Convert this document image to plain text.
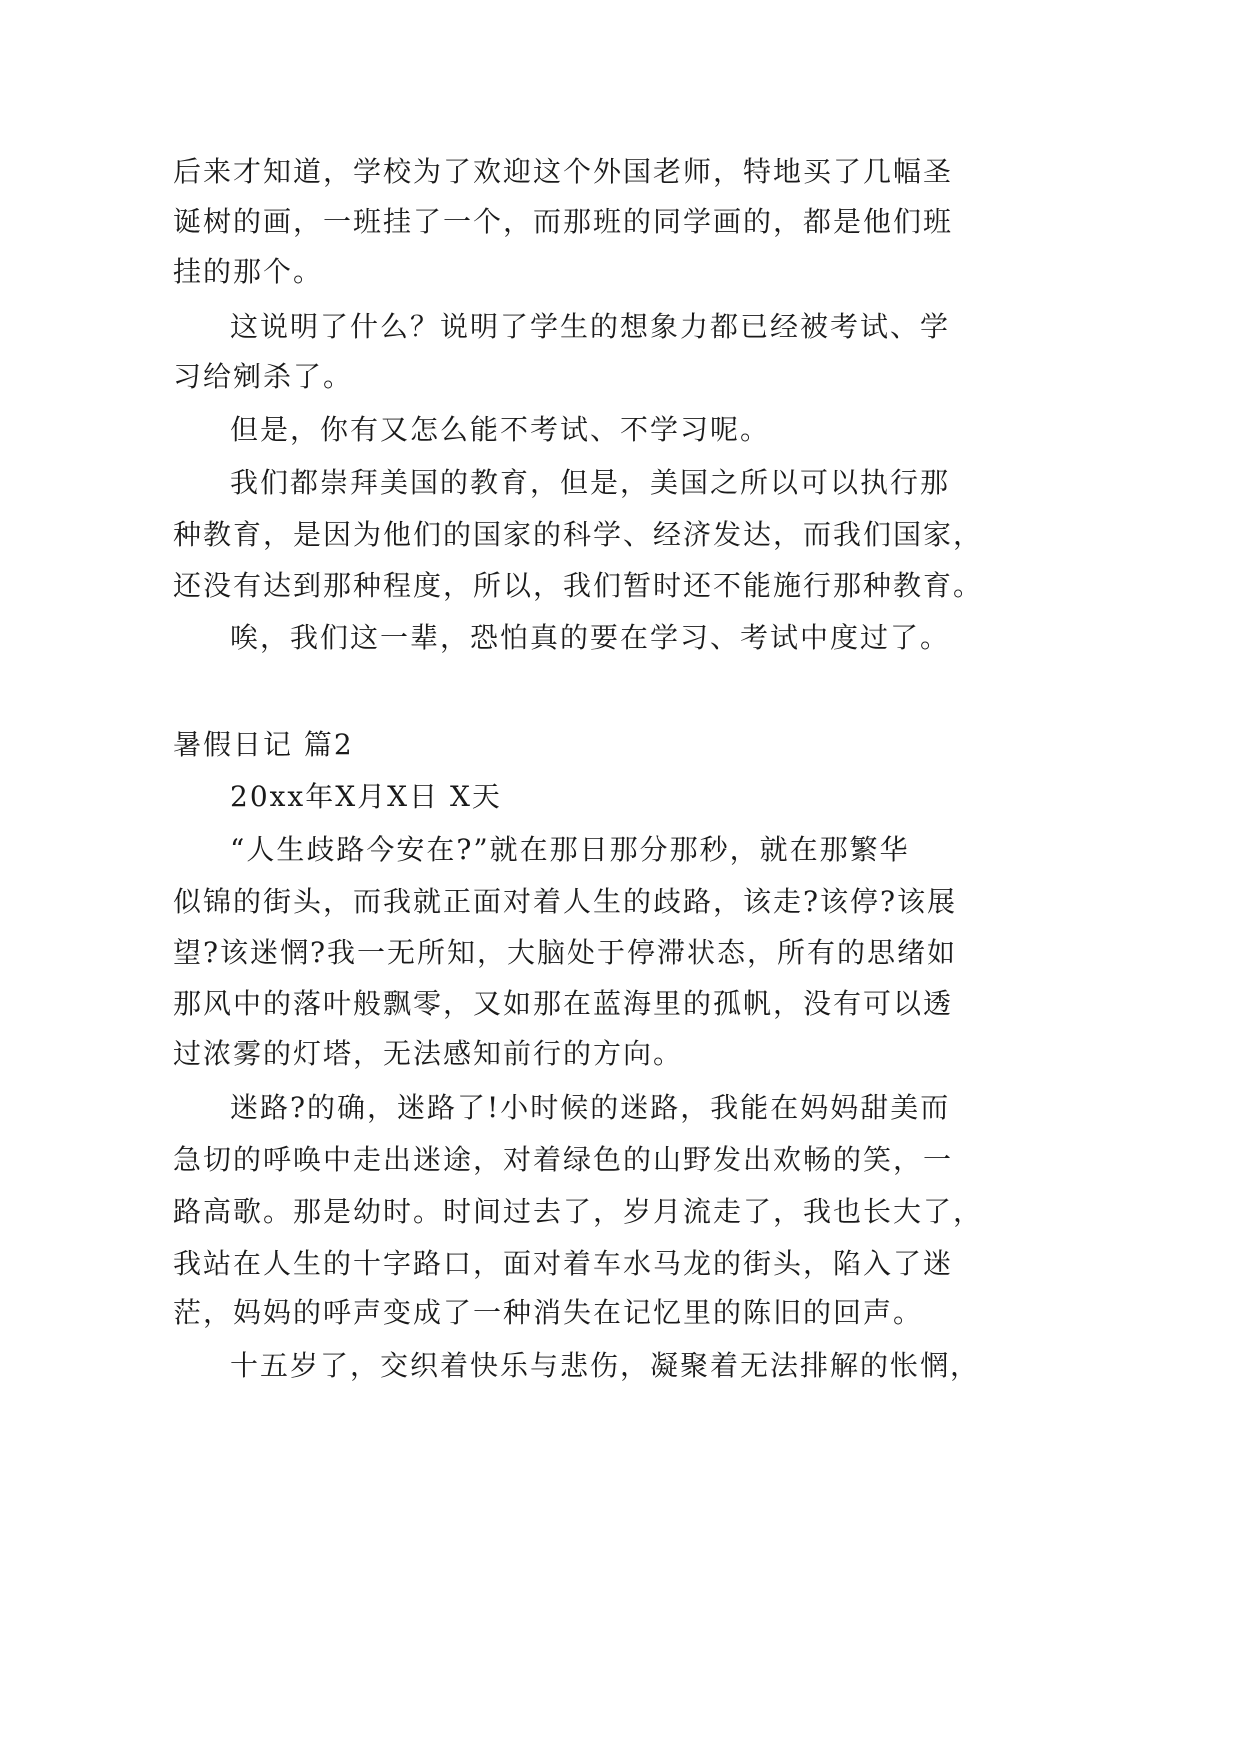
后来才知道，学校为了欢迎这个外国老师，特地买了几幅圣
诞树的画，一班挂了一个，而那班的同学画的，都是他们班
挂的那个。
这说明了什么？说明了学生的想象力都已经被考试、学
习给剜杀了。
但是，你有又怎么能不考试、不学习呢。
我们都崇拜美国的教育，但是，美国之所以可以执行那
种教育，是因为他们的国家的科学、经济发达，而我们国家，
还没有达到那种程度，所以，我们暂时还不能施行那种教育。
唉，我们这一辈，恐怕真的要在学习、考试中度过了。
暑假日记 篇2
20xx年X月X日 X天
“人生歧路今安在?”就在那日那分那秒，就在那繁华
似锦的街头，而我就正面对着人生的歧路，该走?该停?该展
望?该迷惘?我一无所知，大脑处于停滞状态，所有的思绪如
那风中的落叶般飘零，又如那在蓝海里的孤帆，没有可以透
过浓雾的灯塔，无法感知前行的方向。
迷路?的确，迷路了!小时候的迷路，我能在妈妈甜美而
急切的呼唤中走出迷途，对着绿色的山野发出欢畅的笑，一
路高歌。那是幼时。时间过去了，岁月流走了，我也长大了，
我站在人生的十字路口，面对着车水马龙的街头，陷入了迷
茫，妈妈的呼声变成了一种消失在记忆里的陈旧的回声。
十五岁了，交织着快乐与悲伤，凝聚着无法排解的怅惘，
